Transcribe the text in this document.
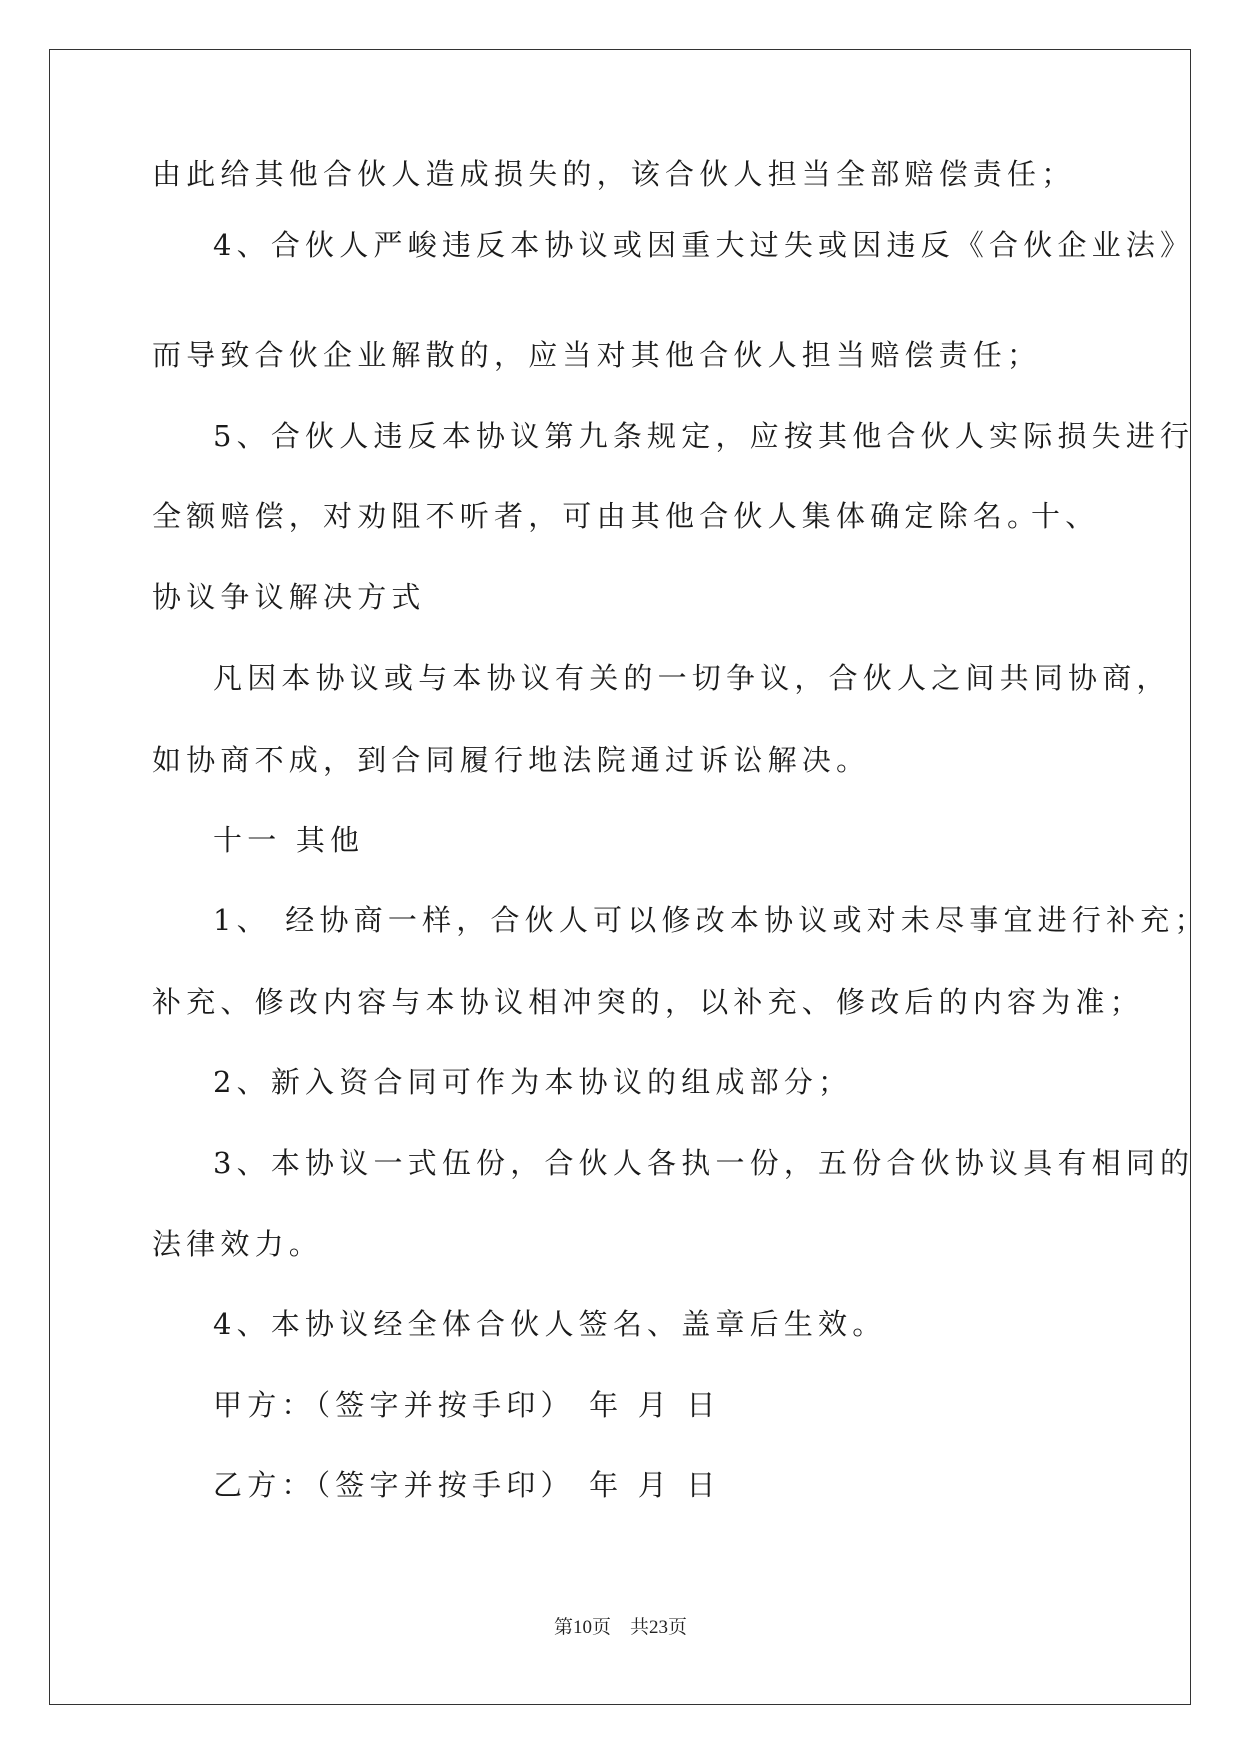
由此给其他合伙人造成损失的，该合伙人担当全部赔偿责任；
4、合伙人严峻违反本协议或因重大过失或因违反《合伙企业法》
而导致合伙企业解散的，应当对其他合伙人担当赔偿责任；
5、合伙人违反本协议第九条规定，应按其他合伙人实际损失进行
全额赔偿，对劝阻不听者，可由其他合伙人集体确定除名。
十、
协议争议解决方式
凡因本协议或与本协议有关的一切争议，合伙人之间共同协商，
如协商不成，到合同履行地法院通过诉讼解决。
十一 其他
1、 经协商一样，合伙人可以修改本协议或对未尽事宜进行补充；
补充、修改内容与本协议相冲突的，以补充、修改后的内容为准；
2、新入资合同可作为本协议的组成部分；
3、本协议一式伍份，合伙人各执一份，五份合伙协议具有相同的
法律效力。
4、本协议经全体合伙人签名、盖章后生效。
甲方：（签字并按手印） 年 月 日
乙方：（签字并按手印） 年 月 日
第10页　共23页
